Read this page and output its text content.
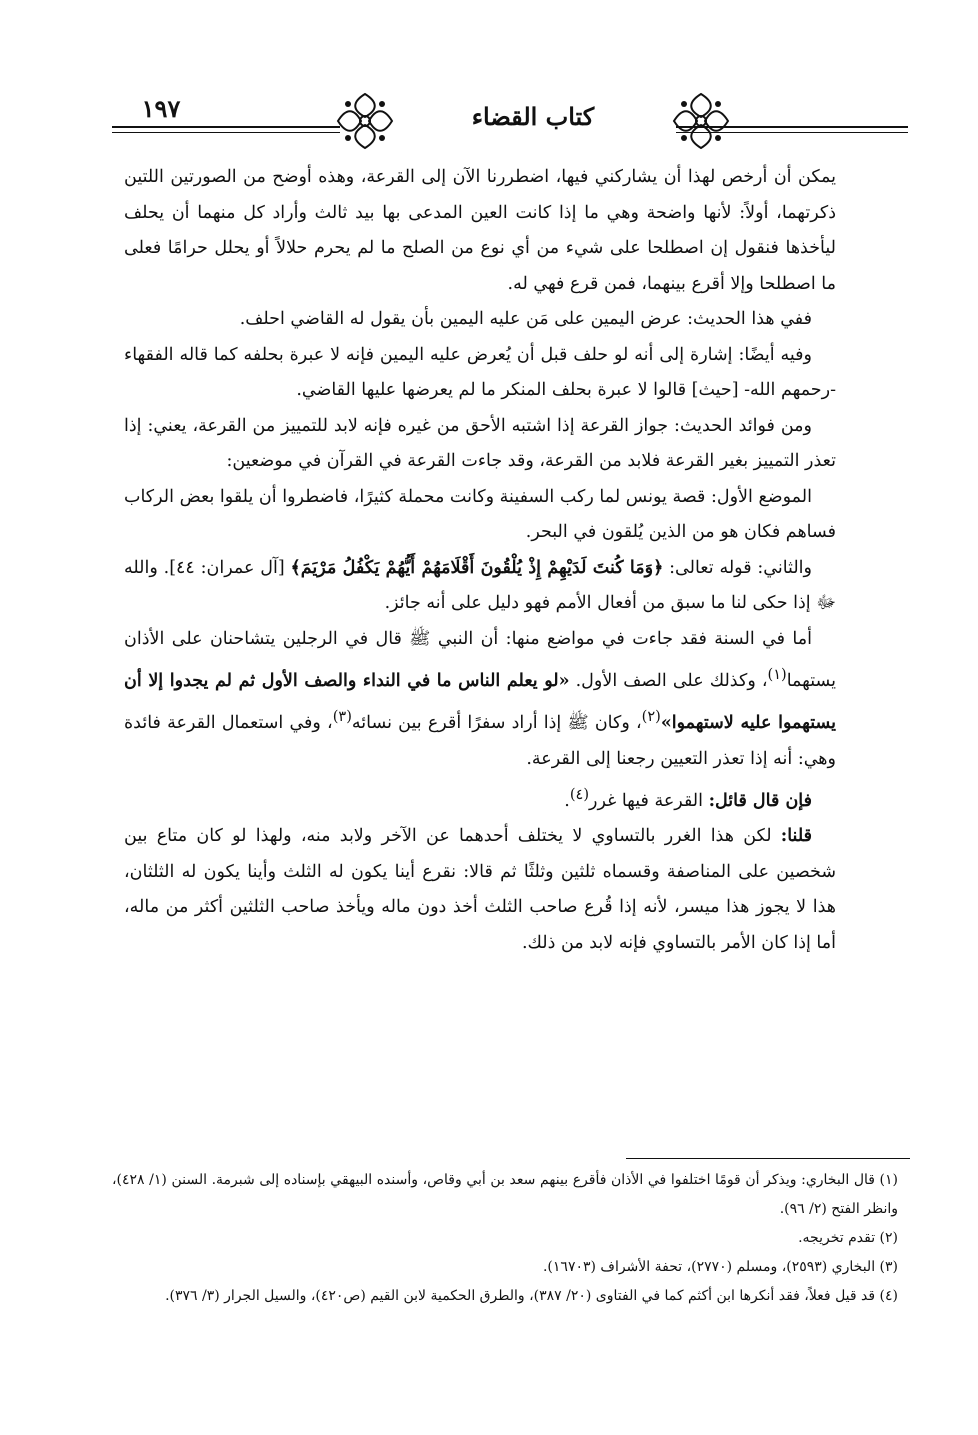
١٩٧	كتاب القضاء

يمكن أن أرخص لهذا أن يشاركني فيها، اضطررنا الآن إلى القرعة، وهذه أوضح من الصورتين اللتين ذكرتهما، أولاً: لأنها واضحة وهي ما إذا كانت العين المدعى بها بيد ثالث وأراد كل منهما أن يحلف ليأخذها فنقول إن اصطلحا على شيء من أي نوع من الصلح ما لم يحرم حلالاً أو يحلل حرامًا فعلى ما اصطلحا وإلا أقرع بينهما، فمن قرع فهي له.

ففي هذا الحديث: عرض اليمين على مَن عليه اليمين بأن يقول له القاضي احلف.

وفيه أيضًا: إشارة إلى أنه لو حلف قبل أن يُعرض عليه اليمين فإنه لا عبرة بحلفه كما قاله الفقهاء -رحمهم الله- [حيث] قالوا لا عبرة بحلف المنكر ما لم يعرضها عليها القاضي.

ومن فوائد الحديث: جواز القرعة إذا اشتبه الأحق من غيره فإنه لابد للتمييز من القرعة، يعني: إذا تعذر التمييز بغير القرعة فلابد من القرعة، وقد جاءت القرعة في القرآن في موضعين:

الموضع الأول: قصة يونس لما ركب السفينة وكانت محملة كثيرًا، فاضطروا أن يلقوا بعض الركاب فساهم فكان هو من الذين يُلقون في البحر.

والثاني: قوله تعالى: ﴿وَمَا كُنتَ لَدَيْهِمْ إِذْ يُلْقُونَ أَقْلَامَهُمْ أَيُّهُمْ يَكْفُلُ مَرْيَمَ﴾ [آل عمران: ٤٤]. والله ﷻ إذا حكى لنا ما سبق من أفعال الأمم فهو دليل على أنه جائز.

أما في السنة فقد جاءت في مواضع منها: أن النبي ﷺ قال في الرجلين يتشاحنان على الأذان يستهما$^{(١)}$، وكذلك على الصف الأول. «لو يعلم الناس ما في النداء والصف الأول ثم لم يجدوا إلا أن يستهموا عليه لاستهموا»$^{(٢)}$، وكان ﷺ إذا أراد سفرًا أقرع بين نسائه$^{(٣)}$، وفي استعمال القرعة فائدة وهي: أنه إذا تعذر التعيين رجعنا إلى القرعة.

فإن قال قائل: القرعة فيها غرر$^{(٤)}$.

قلنا: لكن هذا الغرر بالتساوي لا يختلف أحدهما عن الآخر ولابد منه، ولهذا لو كان متاع بين شخصين على المناصفة وقسماه ثلثين وثلثًا ثم قالا: نقرع أينا يكون له الثلث وأينا يكون له الثلثان، هذا لا يجوز هذا ميسر، لأنه إذا قُرع صاحب الثلث أخذ دون ماله ويأخذ صاحب الثلثين أكثر من ماله، أما إذا كان الأمر بالتساوي فإنه لابد من ذلك.

(١) قال البخاري: ويذكر أن قومًا اختلفوا في الأذان فأقرع بينهم سعد بن أبي وقاص، وأسنده البيهقي بإسناده إلى شبرمة. السنن (١/ ٤٢٨)، وانظر الفتح (٢/ ٩٦).

(٢) تقدم تخريجه.

(٣) البخاري (٢٥٩٣)، ومسلم (٢٧٧٠)، تحفة الأشراف (١٦٧٠٣).

(٤) قد قيل فعلاً، فقد أنكرها ابن أكثم كما في الفتاوى (٢٠/ ٣٨٧)، والطرق الحكمية لابن القيم (ص٤٢٠)، والسيل الجرار (٣/ ٣٧٦).
